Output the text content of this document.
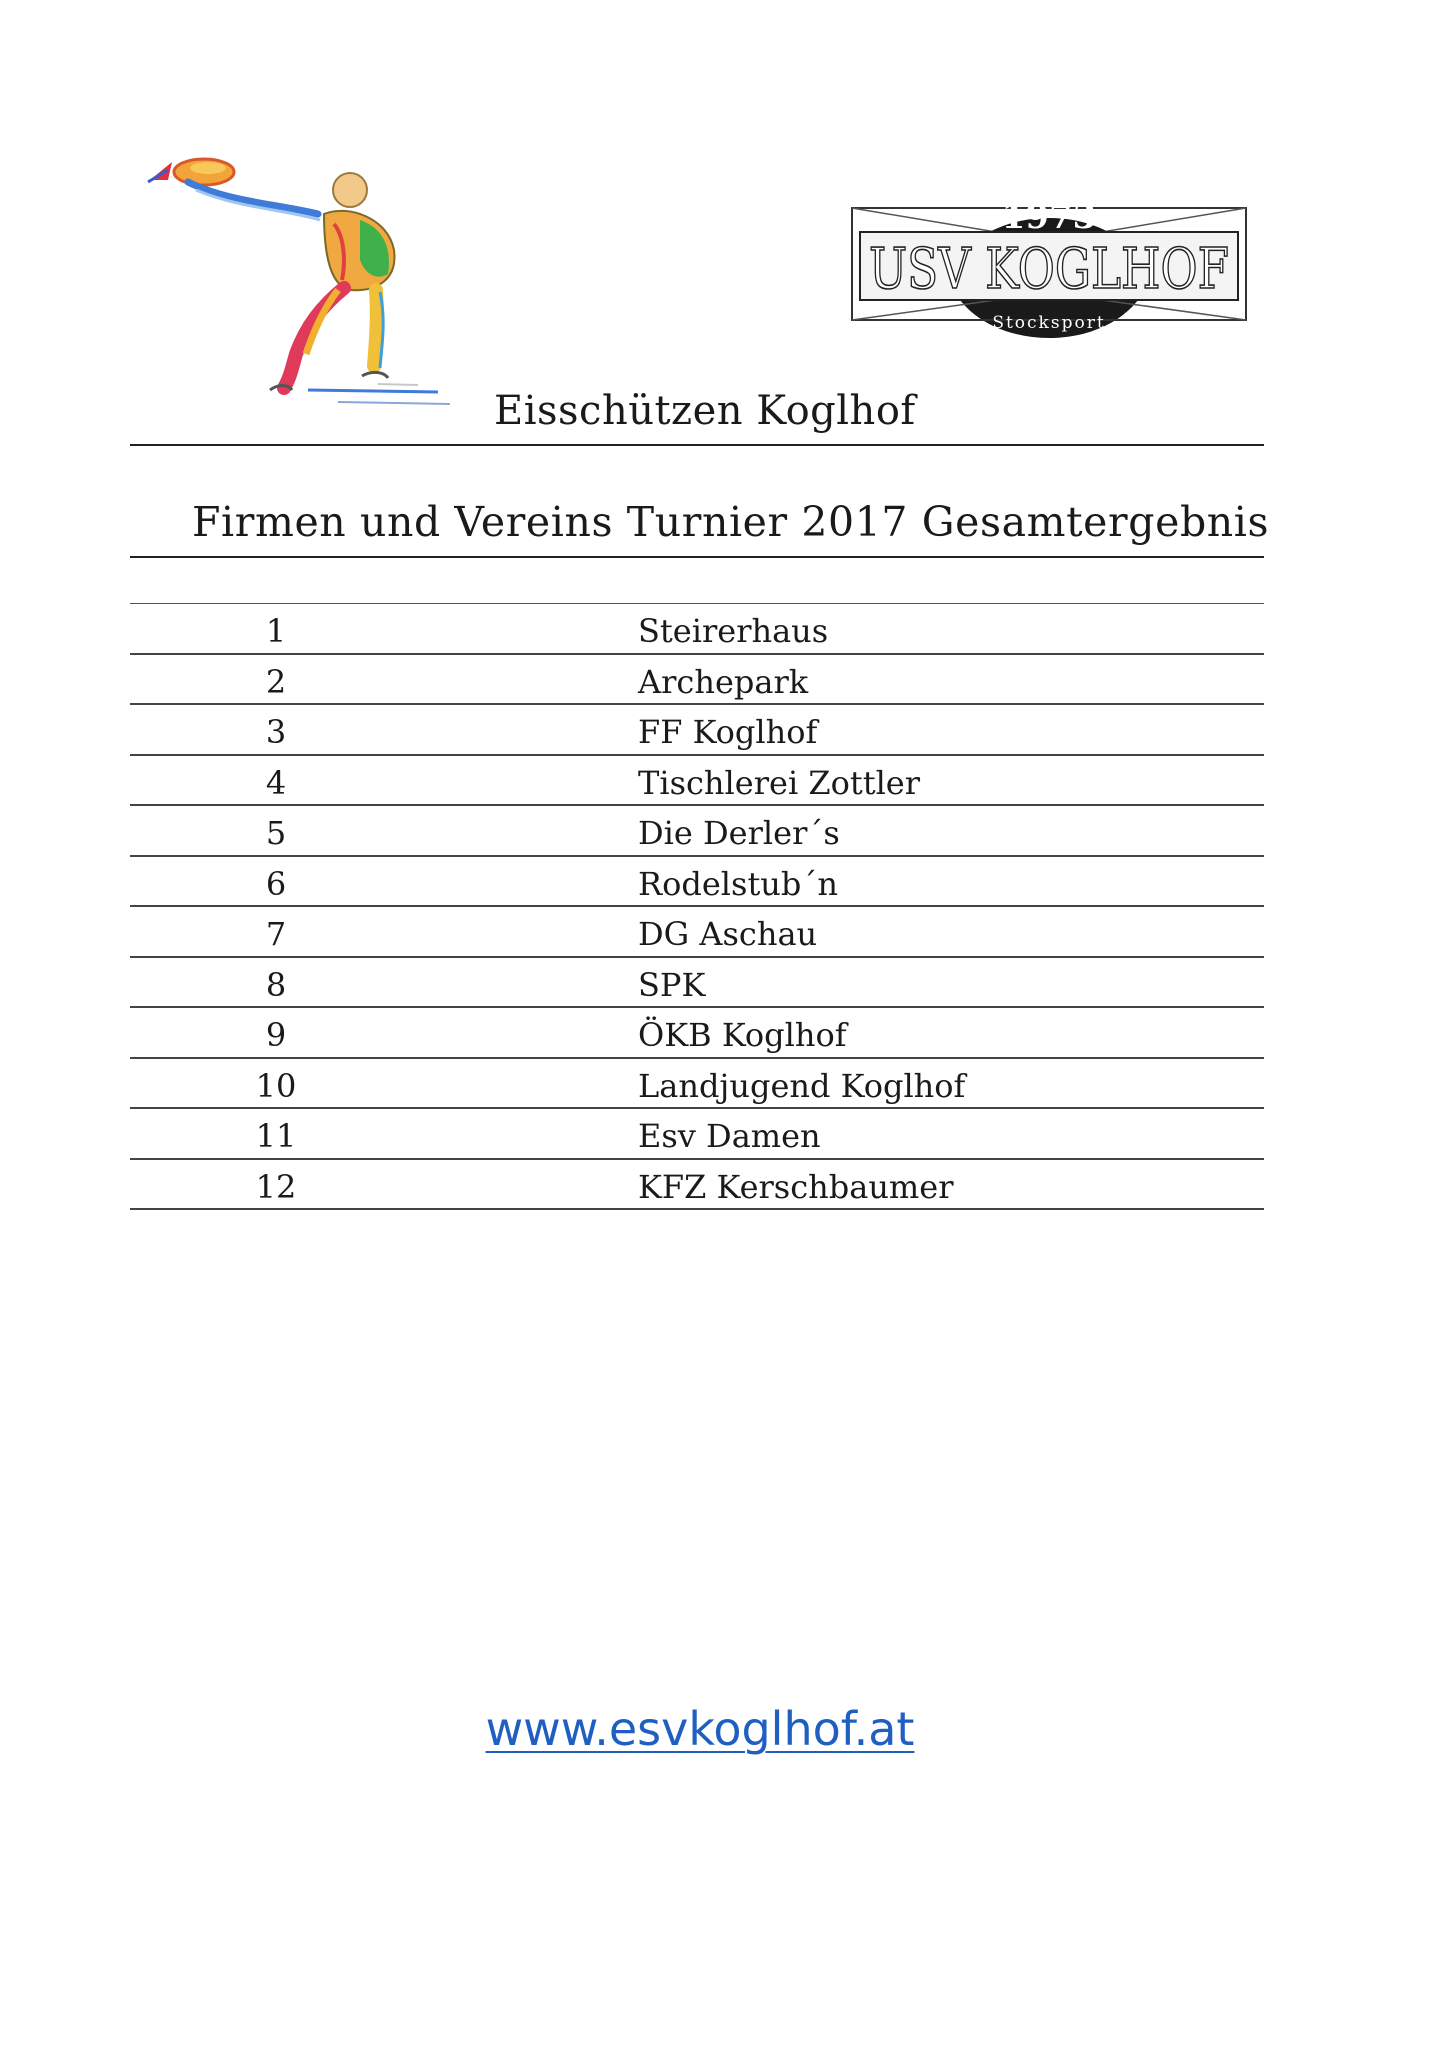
1973
USV KOGLHOF
Stocksport
Eisschützen Koglhof
Firmen und Vereins Turnier 2017 Gesamtergebnis
1	Steirerhaus
2	Archepark
3	FF Koglhof
4	Tischlerei Zottler
5	Die Derler´s
6	Rodelstub´n
7	DG Aschau
8	SPK
9	ÖKB Koglhof
10	Landjugend Koglhof
11	Esv Damen
12	KFZ Kerschbaumer
www.esvkoglhof.at
